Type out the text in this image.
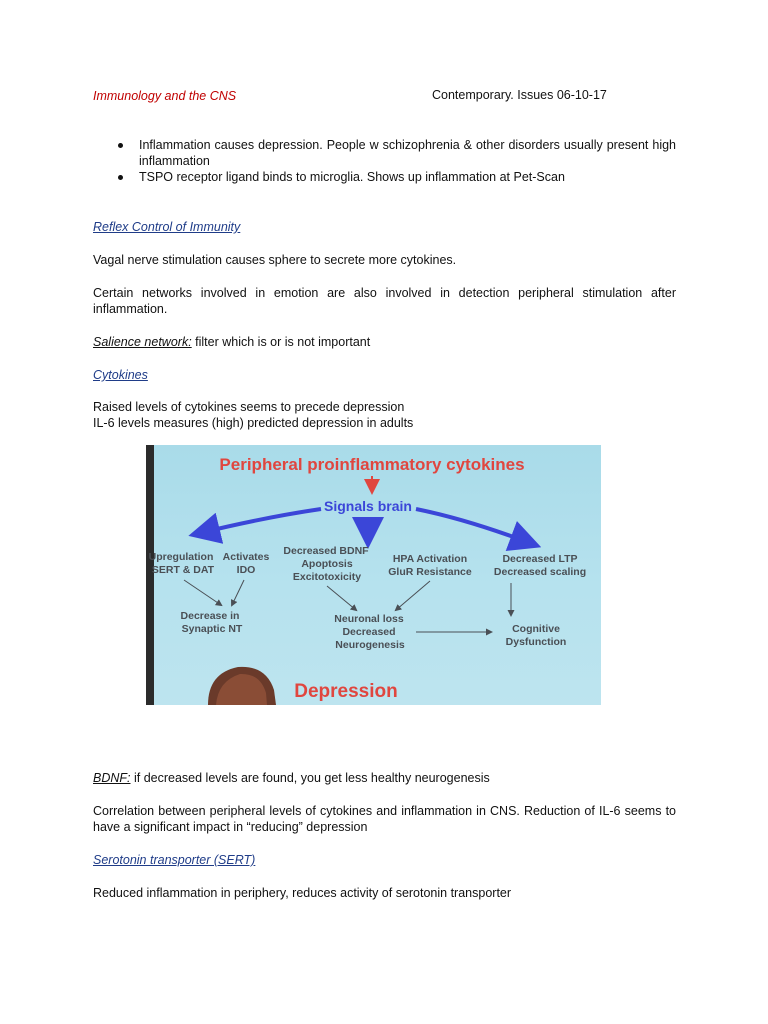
Immunology and the CNS	Contemporary. Issues 06-10-17
Inflammation causes depression. People w schizophrenia & other disorders usually present high inflammation
TSPO receptor ligand binds to microglia. Shows up inflammation at Pet-Scan
Reflex Control of Immunity
Vagal nerve stimulation causes sphere to secrete more cytokines.
Certain networks involved in emotion are also involved in detection peripheral stimulation after inflammation.
Salience network: filter which is or is not important
Cytokines
Raised levels of cytokines seems to precede depression
IL-6 levels measures (high) predicted depression in adults
Peripheral proinflammatory cytokines
Signals brain
Upregulation
SERT & DAT
Activates
IDO
Decreased BDNF
Apoptosis
Excitotoxicity
HPA Activation
GluR Resistance
Decreased LTP
Decreased scaling
Decrease in
Synaptic NT
Neuronal loss
Decreased
Neurogenesis
Cognitive
Dysfunction
Depression
BDNF: if decreased levels are found, you get less healthy neurogenesis
Correlation between peripheral levels of cytokines and inflammation in CNS. Reduction of IL-6 seems to have a significant impact in “reducing” depression
Serotonin transporter (SERT)
Reduced inflammation in periphery, reduces activity of serotonin transporter
